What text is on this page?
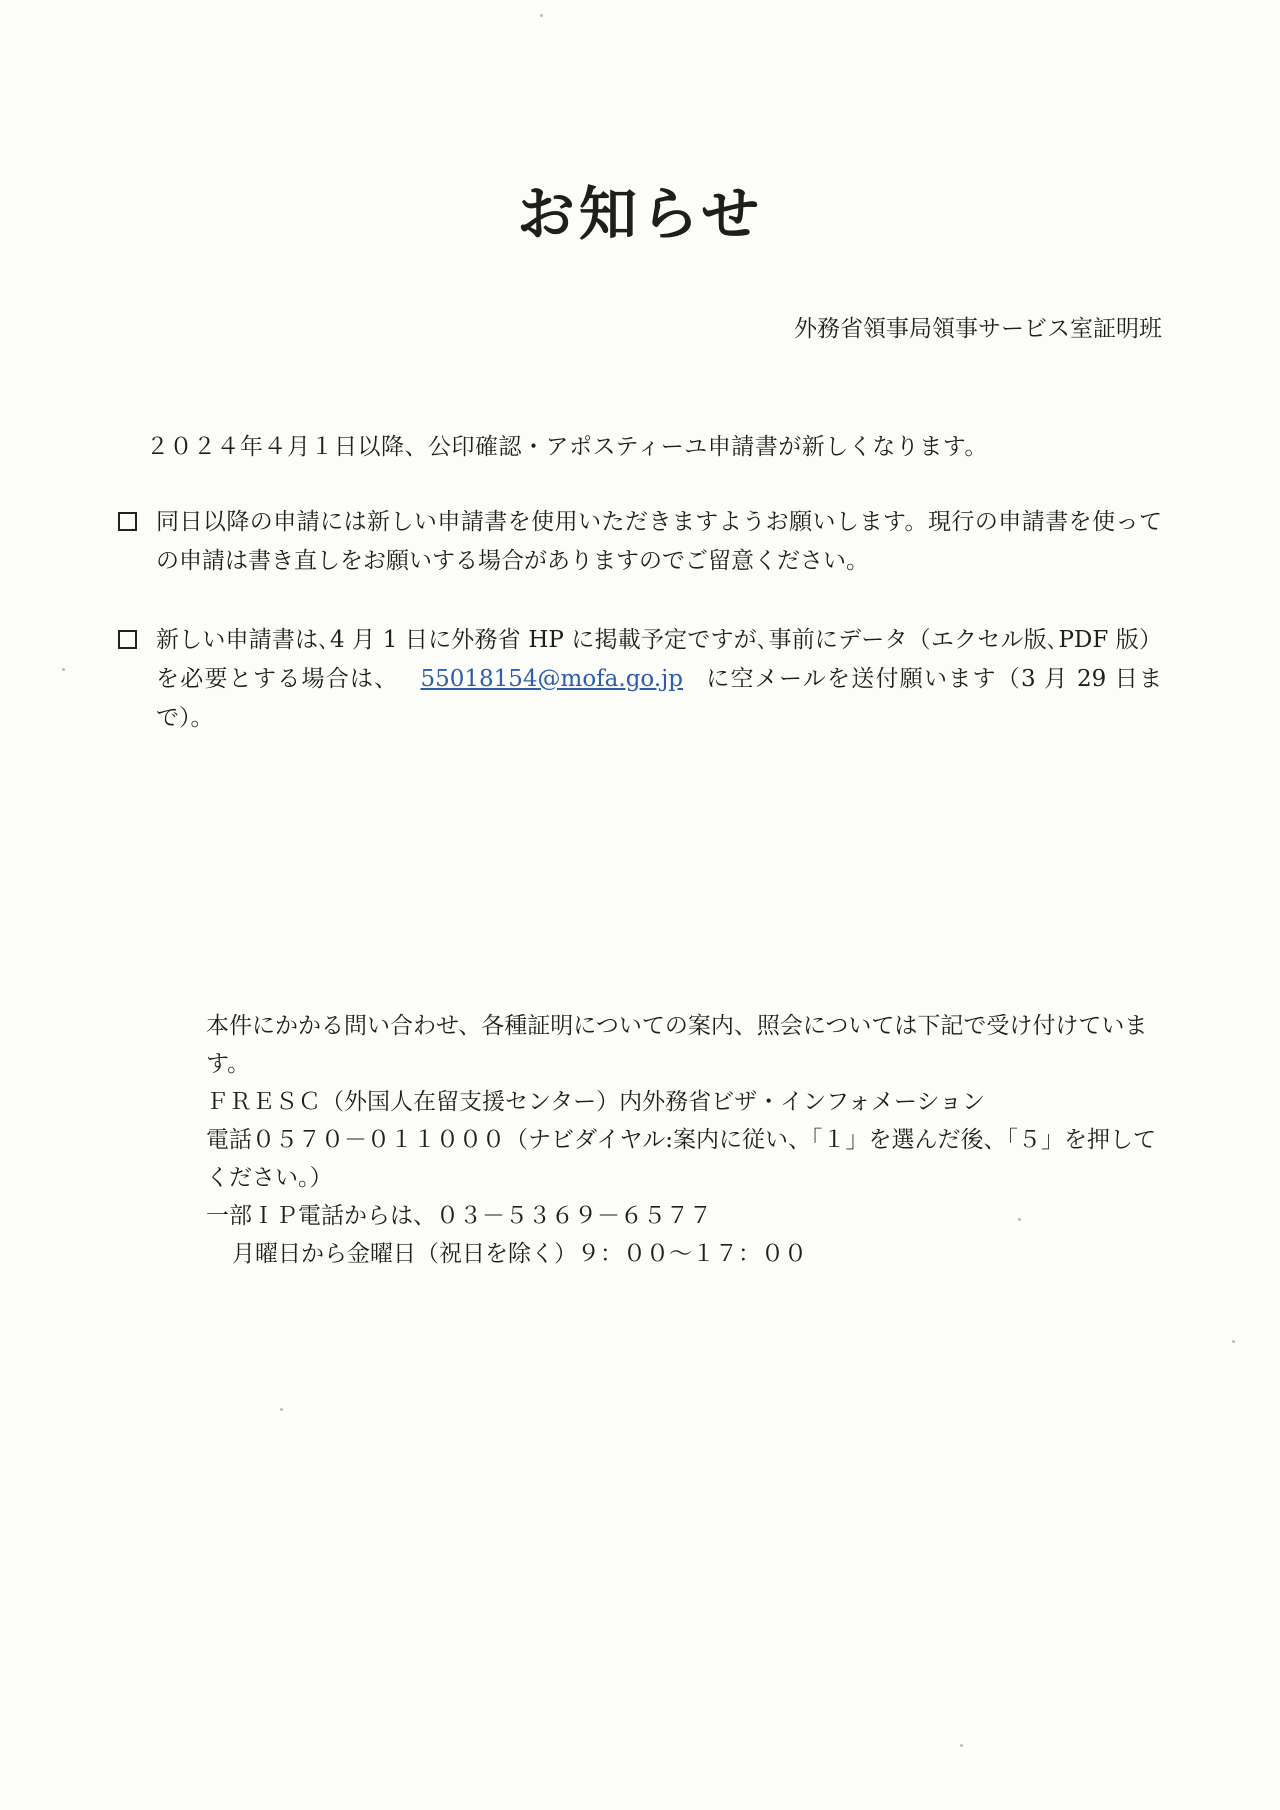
お知らせ
外務省領事局領事サービス室証明班
２０２４年４月１日以降、公印確認・アポスティーユ申請書が新しくなります。
同日以降の申請には新しい申請書を使用いただきますようお願いします。現行の申請書を使っての申請は書き直しをお願いする場合がありますのでご留意ください。
新しい申請書は､4 月 1 日に外務省 HP に掲載予定ですが､事前にデータ（エクセル版､PDF 版）を必要とする場合は、 55018154@mofa.go.jp に空メールを送付願います（3 月 29 日まで）。
本件にかかる問い合わせ、各種証明についての案内、照会については下記で受け付けています。
ＦＲＥＳＣ（外国人在留支援センター）内外務省ビザ・インフォメーション
電話０５７０－０１１０００（ナビダイヤル:案内に従い、「１」を選んだ後、「５」を押してください。）
一部ＩＰ電話からは、０３－５３６９－６５７７
月曜日から金曜日（祝日を除く）９：００～１７：００
